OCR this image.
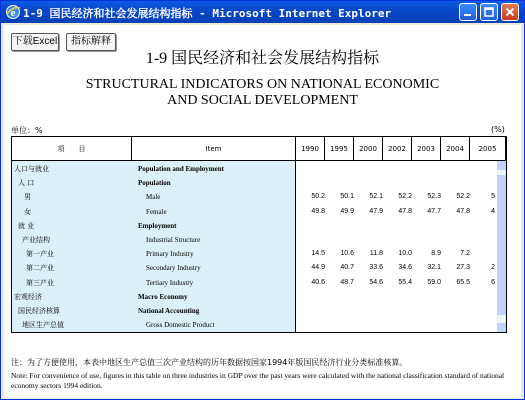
e 1-9 国民经济和社会发展结构指标 - Microsoft Internet Explorer
下载Excel	指标解释
1-9 国民经济和社会发展结构指标
STRUCTURAL INDICATORS ON NATIONAL ECONOMIC
AND SOCIAL DEVELOPMENT
单位：%	(%)
项　　目	Item	1990	1995	2000	2002	2003	2004	2005
人口与就业	Population and Employment
人 口	Population
男	Male	50.2	50.1	52.1	52.2	52.3	52.2	5
女	Female	49.8	49.9	47.9	47.8	47.7	47.8	4
就 业	Employment
产业结构	Industrial Structure
第一产业	Primary Industry	14.5	10.6	11.8	10.0	8.9	7.2
第二产业	Secondary Industry	44.9	40.7	33.6	34.6	32.1	27.3	2
第三产业	Tertiary Industry	40.6	48.7	54.6	55.4	59.0	65.5	6
宏观经济	Macro Economy
国民经济核算	National Accounting
地区生产总值	Gross Domestic Product
注：为了方便使用，本表中地区生产总值三次产业结构的历年数据按国家1994年版国民经济行业分类标准核算。
Note: For convenience of use, figures in this table on three industries in GDP over the past years were calculated with the national classification standard of national economy sectors 1994 edition.
